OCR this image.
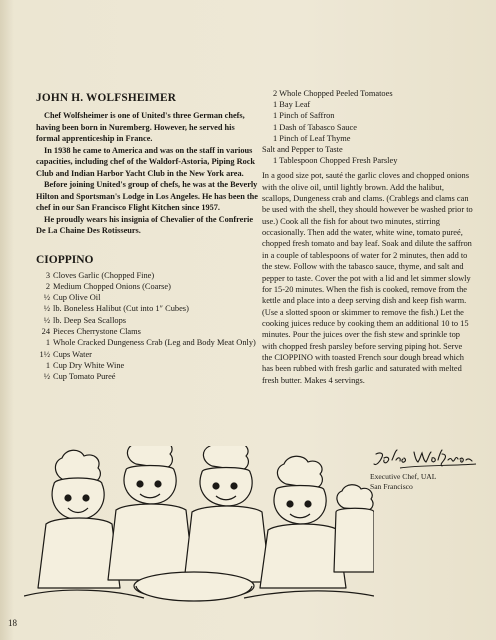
JOHN H. WOLFSHEIMER

Chef Wolfsheimer is one of United's three German chefs, having been born in Nuremberg. However, he served his formal apprenticeship in France.

In 1938 he came to America and was on the staff in various capacities, including chef of the Waldorf-Astoria, Piping Rock Club and Indian Harbor Yacht Club in the New York area.

Before joining United's group of chefs, he was at the Beverly Hilton and Sportsman's Lodge in Los Angeles. He has been the chef in our San Francisco Flight Kitchen since 1957.

He proudly wears his insignia of Chevalier of the Confrerie De La Chaine Des Rotisseurs.

CIOPPINO
3 Cloves Garlic (Chopped Fine)
2 Medium Chopped Onions (Coarse)
½ Cup Olive Oil
½ lb. Boneless Halibut (Cut into 1″ Cubes)
½ lb. Deep Sea Scallops
24 Pieces Cherrystone Clams
1 Whole Cracked Dungeness Crab (Leg and Body Meat Only)
1½ Cups Water
1 Cup Dry White Wine
½ Cup Tomato Pureé
2 Whole Chopped Peeled Tomatoes
1 Bay Leaf
1 Pinch of Saffron
1 Dash of Tabasco Sauce
1 Pinch of Leaf Thyme
Salt and Pepper to Taste
1 Tablespoon Chopped Fresh Parsley

In a good size pot, sauté the garlic cloves and chopped onions with the olive oil, until lightly brown. Add the halibut, scallops, Dungeness crab and clams. (Crablegs and clams can be used with the shell, they should however be washed prior to use.) Cook all the fish for about two minutes, stirring occasionally. Then add the water, white wine, tomato pureé, chopped fresh tomato and bay leaf. Soak and dilute the saffron in a couple of tablespoons of water for 2 minutes, then add to the stew. Follow with the tabasco sauce, thyme, and salt and pepper to taste. Cover the pot with a lid and let simmer slowly for 15-20 minutes. When the fish is cooked, remove from the kettle and place into a deep serving dish and keep fish warm. (Use a slotted spoon or skimmer to remove the fish.) Let the cooking juices reduce by cooking them an additional 10 to 15 minutes. Pour the juices over the fish stew and sprinkle top with chopped fresh parsley before serving piping hot. Serve the CIOPPINO with toasted French sour dough bread which has been rubbed with fresh garlic and saturated with melted fresh butter. Makes 4 servings.

Executive Chef, UAL
San Francisco
18
